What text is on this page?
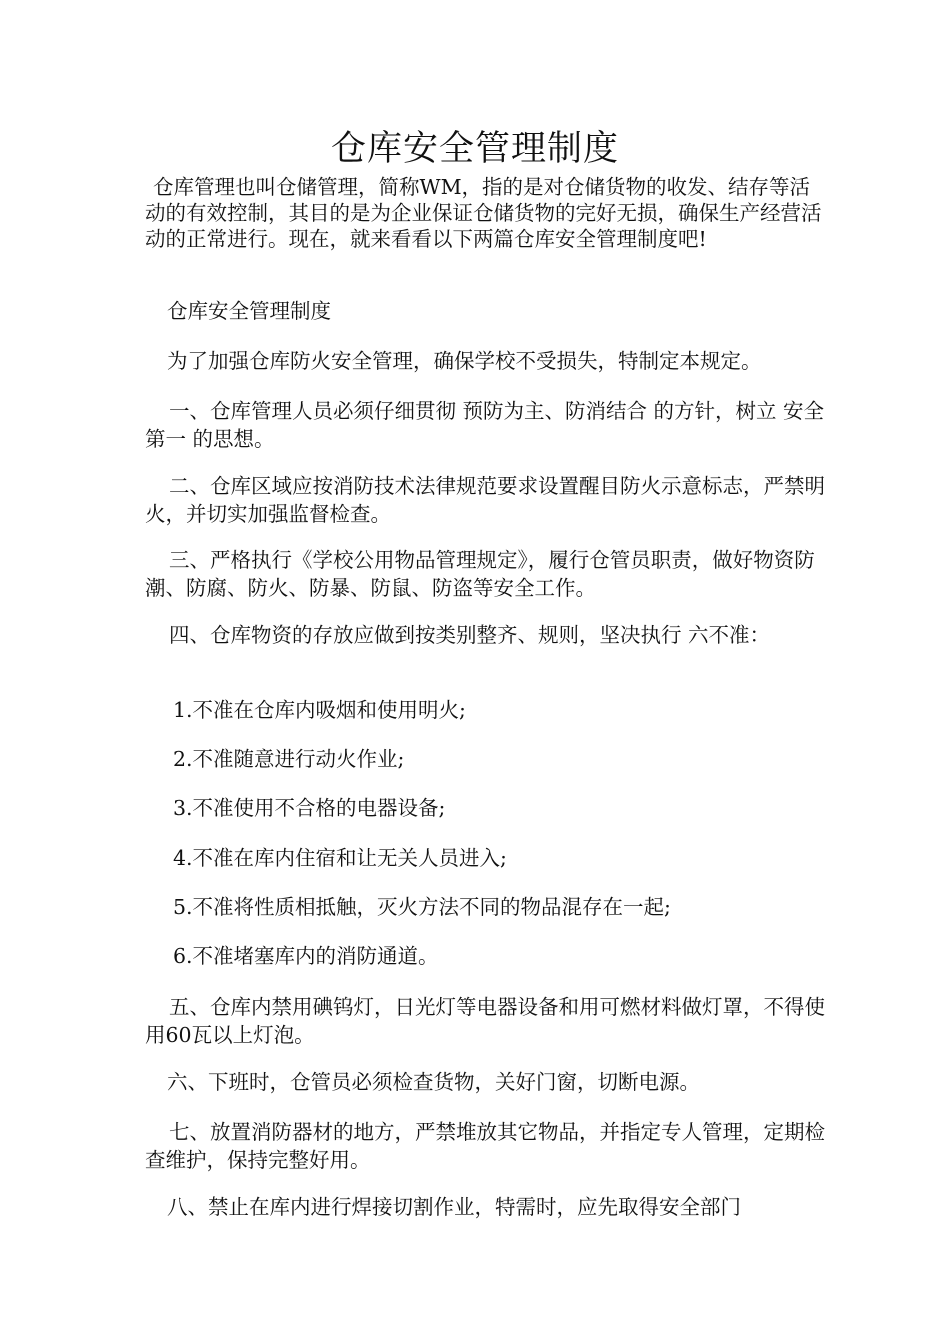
仓库安全管理制度

仓库管理也叫仓储管理，简称WM，指的是对仓储货物的收发、结存等活动的有效控制，其目的是为企业保证仓储货物的完好无损，确保生产经营活动的正常进行。现在，就来看看以下两篇仓库安全管理制度吧!

仓库安全管理制度

为了加强仓库防火安全管理，确保学校不受损失，特制定本规定。

一、仓库管理人员必须仔细贯彻 预防为主、防消结合 的方针，树立 安全第一 的思想。

二、仓库区域应按消防技术法律规范要求设置醒目防火示意标志，严禁明火，并切实加强监督检查。

三、严格执行《学校公用物品管理规定》，履行仓管员职责，做好物资防潮、防腐、防火、防暴、防鼠、防盗等安全工作。

四、仓库物资的存放应做到按类别整齐、规则，坚决执行 六不准：

1.不准在仓库内吸烟和使用明火;

2.不准随意进行动火作业;

3.不准使用不合格的电器设备;

4.不准在库内住宿和让无关人员进入;

5.不准将性质相抵触，灭火方法不同的物品混存在一起;

6.不准堵塞库内的消防通道。

五、仓库内禁用碘钨灯，日光灯等电器设备和用可燃材料做灯罩，不得使用60瓦以上灯泡。

六、下班时，仓管员必须检查货物，关好门窗，切断电源。

七、放置消防器材的地方，严禁堆放其它物品，并指定专人管理，定期检查维护，保持完整好用。

八、禁止在库内进行焊接切割作业，特需时，应先取得安全部门
